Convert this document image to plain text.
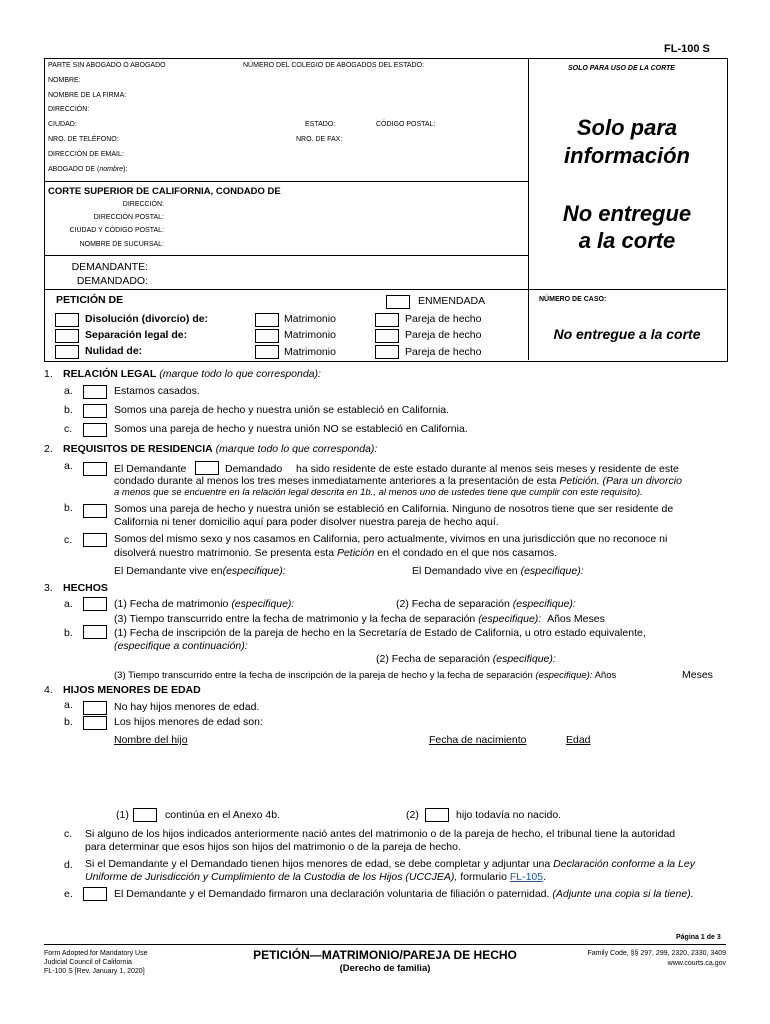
FL-100 S
PARTE SIN ABOGADO O ABOGADO	NÚMERO DEL COLEGIO DE ABOGADOS DEL ESTADO:	SOLO PARA USO DE LA CORTE
NOMBRE:
NOMBRE DE LA FIRMA:
DIRECCIÓN:
CIUDAD:	ESTADO:	CÓDIGO POSTAL:
NRO. DE TELÉFONO:	NRO. DE FAX:
DIRECCIÓN DE EMAIL:
ABOGADO DE (nombre):
Solo para
información
No entregue
a la corte
CORTE SUPERIOR DE CALIFORNIA, CONDADO DE
DIRECCIÓN:
DIRECCIÓN POSTAL:
CIUDAD Y CÓDIGO POSTAL:
NOMBRE DE SUCURSAL:
DEMANDANTE:
DEMANDADO:
PETICIÓN DE	ENMENDADA	NÚMERO DE CASO:
No entregue a la corte
Disolución (divorcio) de:	Matrimonio	Pareja de hecho
Separación legal de:	Matrimonio	Pareja de hecho
Nulidad de:	Matrimonio	Pareja de hecho
1. RELACIÓN LEGAL (marque todo lo que corresponda):
a.	Estamos casados.
b.	Somos una pareja de hecho y nuestra unión se estableció en California.
c.	Somos una pareja de hecho y nuestra unión NO se estableció en California.
2. REQUISITOS DE RESIDENCIA (marque todo lo que corresponda):
a.	El Demandante	Demandado ha sido residente de este estado durante al menos seis meses y residente de este
condado durante al menos los tres meses inmediatamente anteriores a la presentación de esta Petición. (Para un divorcio
a menos que se encuentre en la relación legal descrita en 1b., al menos uno de ustedes tiene que cumplir con este requisito).
b.	Somos una pareja de hecho y nuestra unión se estableció en California. Ninguno de nosotros tiene que ser residente de
California ni tener domicilio aquí para poder disolver nuestra pareja de hecho aquí.
c.	Somos del mismo sexo y nos casamos en California, pero actualmente, vivimos en una jurisdicción que no reconoce ni
disolverá nuestro matrimonio. Se presenta esta Petición en el condado en el que nos casamos.
El Demandante vive en(especifique):	El Demandado vive en (especifique):
3. HECHOS
a.	(1) Fecha de matrimonio (especifique):	(2) Fecha de separación (especifique):
(3) Tiempo transcurrido entre la fecha de matrimonio y la fecha de separación (especifique): Años Meses
b.	(1) Fecha de inscripción de la pareja de hecho en la Secretaría de Estado de California, u otro estado equivalente,
(especifique a continuación):
(2) Fecha de separación (especifique):
(3) Tiempo transcurrido entre la fecha de inscripción de la pareja de hecho y la fecha de separación (especifique): Años	Meses
4. HIJOS MENORES DE EDAD
a.	No hay hijos menores de edad.
b.	Los hijos menores de edad son:
Nombre del hijo	Fecha de nacimiento	Edad
(1)	continúa en el Anexo 4b.	(2)	hijo todavía no nacido.
c. Si alguno de los hijos indicados anteriormente nació antes del matrimonio o de la pareja de hecho, el tribunal tiene la autoridad
para determinar que esos hijos son hijos del matrimonio o de la pareja de hecho.
d. Si el Demandante y el Demandado tienen hijos menores de edad, se debe completar y adjuntar una Declaración conforme a la Ley
Uniforme de Jurisdicción y Cumplimiento de la Custodia de los Hijos (UCCJEA), formulario FL-105.
e.	El Demandante y el Demandado firmaron una declaración voluntaria de filiación o paternidad. (Adjunte una copia si la tiene).
Página 1 de 3
Form Adopted for Mandatory Use
Judicial Council of California
FL-100 S [Rev. January 1, 2020]
PETICIÓN—MATRIMONIO/PAREJA DE HECHO
(Derecho de familia)
Family Code, §§ 297, 299, 2320, 2330, 3409
www.courts.ca.gov
